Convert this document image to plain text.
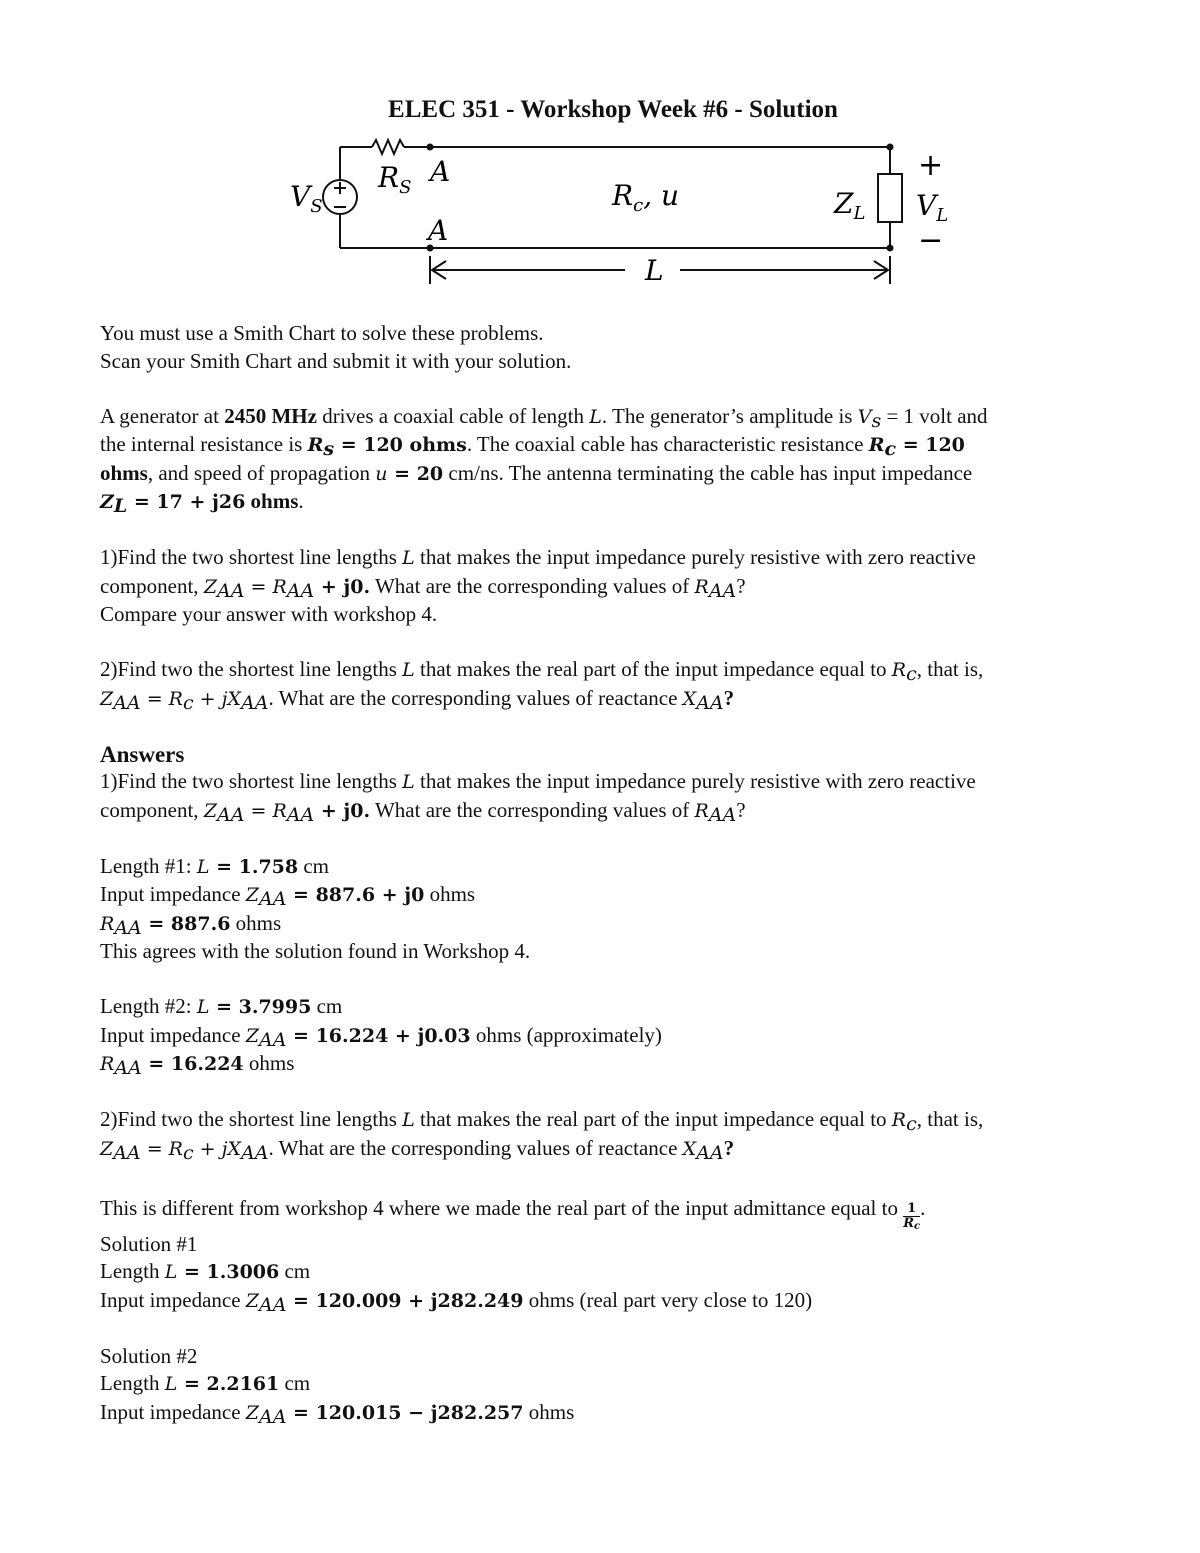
ELEC 351 - Workshop Week #6 - Solution
$V_S$
$R_S$ A
A
$R_c$, u	$Z_L$
+
$V_L$
−
L

You must use a Smith Chart to solve these problems.

Scan your Smith Chart and submit it with your solution.

A generator at 2450 MHz drives a coaxial cable of length L. The generator’s amplitude is $V_s = 1$ volt and
the internal resistance is $R_s = 120$ ohms. The coaxial cable has characteristic resistance $R_c = 120$
ohms, and speed of propagation u = 20 cm/ns. The antenna terminating the cable has input impedance
$Z_L = 17 + j26$ ohms.

1)Find the two shortest line lengths L that makes the input impedance purely resistive with zero reactive
component, $Z_{AA} = R_{AA} + j0$. What are the corresponding values of $R_{AA}$?
Compare your answer with workshop 4.

2)Find two the shortest line lengths L that makes the real part of the input impedance equal to $R_c$, that is,
$Z_{AA} = R_c + jX_{AA}$. What are the corresponding values of reactance $X_{AA}$?

Answers

1)Find the two shortest line lengths L that makes the input impedance purely resistive with zero reactive
component, $Z_{AA} = R_{AA} + j0$. What are the corresponding values of $R_{AA}$?

Length #1: L = 1.758 cm
Input impedance $Z_{AA} = 887.6 + j0$ ohms
$R_{AA} = 887.6$ ohms
This agrees with the solution found in Workshop 4.

Length #2: L = 3.7995 cm
Input impedance $Z_{AA} = 16.224 + j0.03$ ohms (approximately)
$R_{AA} = 16.224$ ohms

2)Find two the shortest line lengths L that makes the real part of the input impedance equal to $R_c$, that is,
$Z_{AA} = R_c + jX_{AA}$. What are the corresponding values of reactance $X_{AA}$?

This is different from workshop 4 where we made the real part of the input admittance equal to $\frac{1}{R_c}$ .

Solution #1
Length L = 1.3006 cm
Input impedance $Z_{AA} = 120.009 + j282.249$ ohms (real part very close to 120)

Solution #2
Length L = 2.2161 cm
Input impedance $Z_{AA} = 120.015 - j282.257$ ohms
